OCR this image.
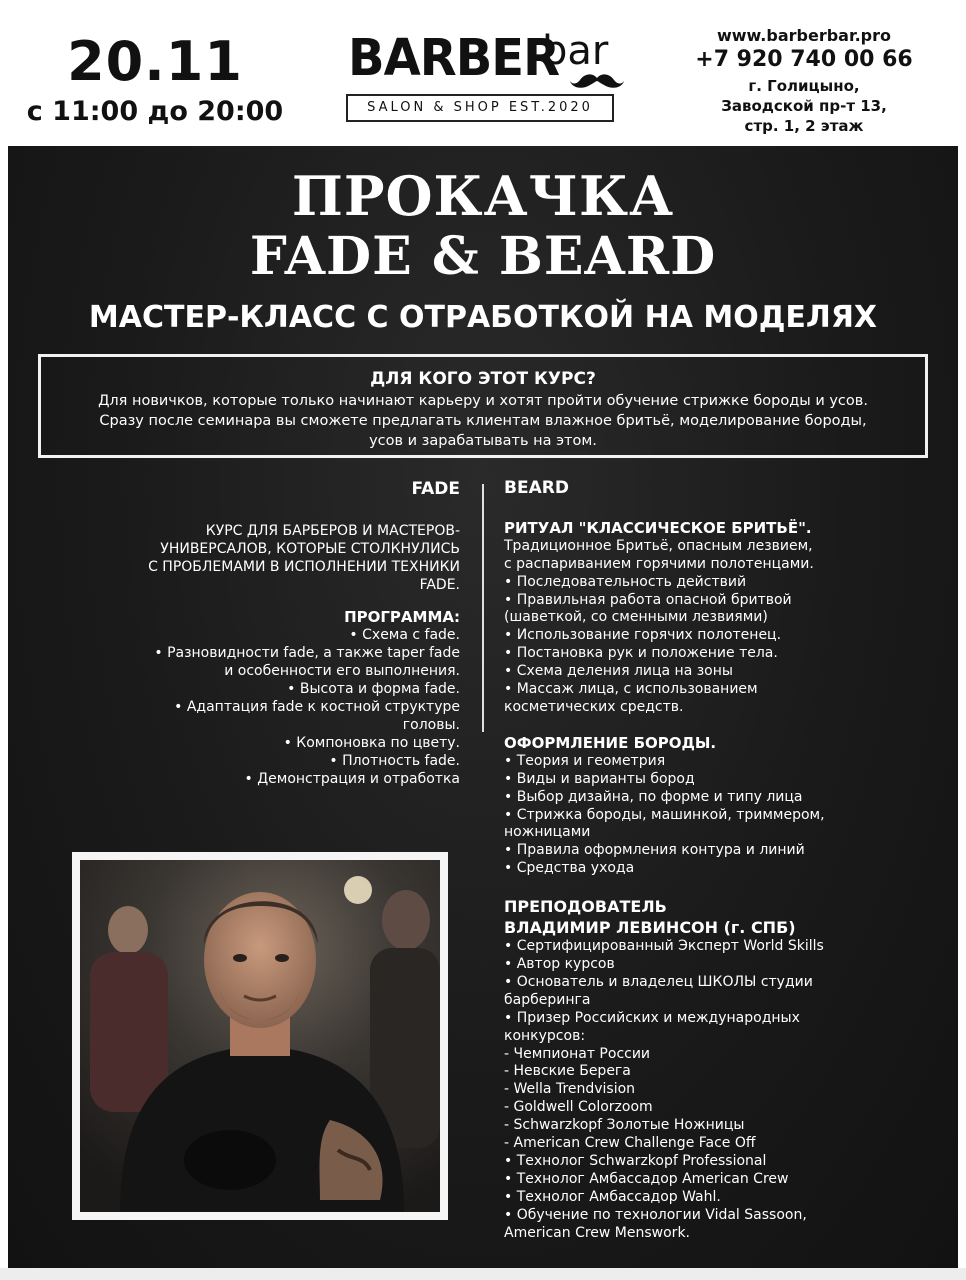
20.11
с 11:00 до 20:00
BARBER
bar
SALON & SHOP EST.2020
www.barberbar.pro
+7 920 740 00 66
г. Голицыно,
Заводской пр-т 13,
стр. 1, 2 этаж
ПРОКАЧКА
FADE & BEARD
МАСТЕР-КЛАСС С ОТРАБОТКОЙ НА МОДЕЛЯХ
ДЛЯ КОГО ЭТОТ КУРС?
Для новичков, которые только начинают карьеру и хотят пройти обучение стрижке бороды и усов.
Сразу после семинара вы сможете предлагать клиентам влажное бритьё, моделирование бороды,
усов и зарабатывать на этом.
FADE
КУРС ДЛЯ БАРБЕРОВ И МАСТЕРОВ-
УНИВЕРСАЛОВ, КОТОРЫЕ СТОЛКНУЛИСЬ
С ПРОБЛЕМАМИ В ИСПОЛНЕНИИ ТЕХНИКИ
FADE.
ПРОГРАММА:
• Схема с fade.
• Разновидности fade, а также taper fade
и особенности его выполнения.
• Высота и форма fade.
• Адаптация fade к костной структуре
головы.
• Компоновка по цвету.
• Плотность fade.
• Демонстрация и отработка
BEARD
РИТУАЛ "КЛАССИЧЕСКОЕ БРИТЬЁ".
Традиционное Бритьё, опасным лезвием,
с распариванием горячими полотенцами.
• Последовательность действий
• Правильная работа опасной бритвой
(шаветкой, со сменными лезвиями)
• Использование горячих полотенец.
• Постановка рук и положение тела.
• Схема деления лица на зоны
• Массаж лица, с использованием
косметических средств.
ОФОРМЛЕНИЕ БОРОДЫ.
• Теория и геометрия
• Виды и варианты бород
• Выбор дизайна, по форме и типу лица
• Стрижка бороды, машинкой, триммером,
ножницами
• Правила оформления контура и линий
• Средства ухода
ПРЕПОДОВАТЕЛЬ
ВЛАДИМИР ЛЕВИНСОН (г. СПБ)
• Сертифицированный Эксперт World Skills
• Автор курсов
• Основатель и владелец ШКОЛЫ студии барберинга
• Призер Российских и международных конкурсов:
- Чемпионат России
- Невские Берега
- Wella Trendvision
- Goldwell Colorzoom
- Schwarzkopf Золотые Ножницы
- American Crew Challenge Face Off
• Технолог Schwarzkopf Professional
• Технолог Амбассадор American Crew
• Технолог Амбассадор Wahl.
• Обучение по технологии Vidal Sassoon,
American Crew Menswork.
